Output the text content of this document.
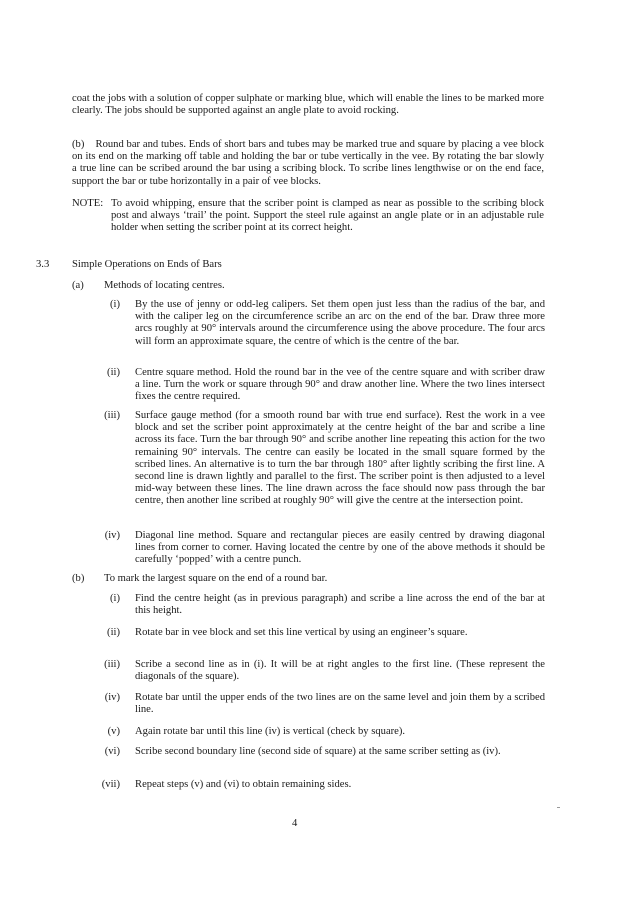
coat the jobs with a solution of copper sulphate or marking blue, which will enable the lines to be marked more clearly. The jobs should be supported against an angle plate to avoid rocking.

(b) Round bar and tubes. Ends of short bars and tubes may be marked true and square by placing a vee block on its end on the marking off table and holding the bar or tube vertically in the vee. By rotating the bar slowly a true line can be scribed around the bar using a scribing block. To scribe lines lengthwise or on the end face, support the bar or tube horizontally in a pair of vee blocks.

NOTE: To avoid whipping, ensure that the scriber point is clamped as near as possible to the scribing block post and always ‘trail’ the point. Support the steel rule against an angle plate or in an adjustable rule holder when setting the scriber point at its correct height.

3.3 Simple Operations on Ends of Bars
(a) Methods of locating centres.
(i) By the use of jenny or odd-leg calipers. Set them open just less than the radius of the bar, and with the caliper leg on the circumference scribe an arc on the end of the bar. Draw three more arcs roughly at 90° intervals around the circumference using the above procedure. The four arcs will form an approximate square, the centre of which is the centre of the bar.

(ii) Centre square method. Hold the round bar in the vee of the centre square and with scriber draw a line. Turn the work or square through 90° and draw another line. Where the two lines intersect fixes the centre required.

(iii) Surface gauge method (for a smooth round bar with true end surface). Rest the work in a vee block and set the scriber point approximately at the centre height of the bar and scribe a line across its face. Turn the bar through 90° and scribe another line repeating this action for the two remaining 90° intervals. The centre can easily be located in the small square formed by the scribed lines. An alternative is to turn the bar through 180° after lightly scribing the first line. A second line is drawn lightly and parallel to the first. The scriber point is then adjusted to a level mid-way between these lines. The line drawn across the face should now pass through the bar centre, then another line scribed at roughly 90° will give the centre at the intersection point.

(iv) Diagonal line method. Square and rectangular pieces are easily centred by drawing diagonal lines from corner to corner. Having located the centre by one of the above methods it should be carefully ‘popped’ with a centre punch.

(b) To mark the largest square on the end of a round bar.
(i) Find the centre height (as in previous paragraph) and scribe a line across the end of the bar at this height.

(ii) Rotate bar in vee block and set this line vertical by using an engineer’s square.

(iii) Scribe a second line as in (i). It will be at right angles to the first line. (These represent the diagonals of the square).

(iv) Rotate bar until the upper ends of the two lines are on the same level and join them by a scribed line.

(v) Again rotate bar until this line (iv) is vertical (check by square).

(vi) Scribe second boundary line (second side of square) at the same scriber setting as (iv).

(vii) Repeat steps (v) and (vi) to obtain remaining sides.

4
